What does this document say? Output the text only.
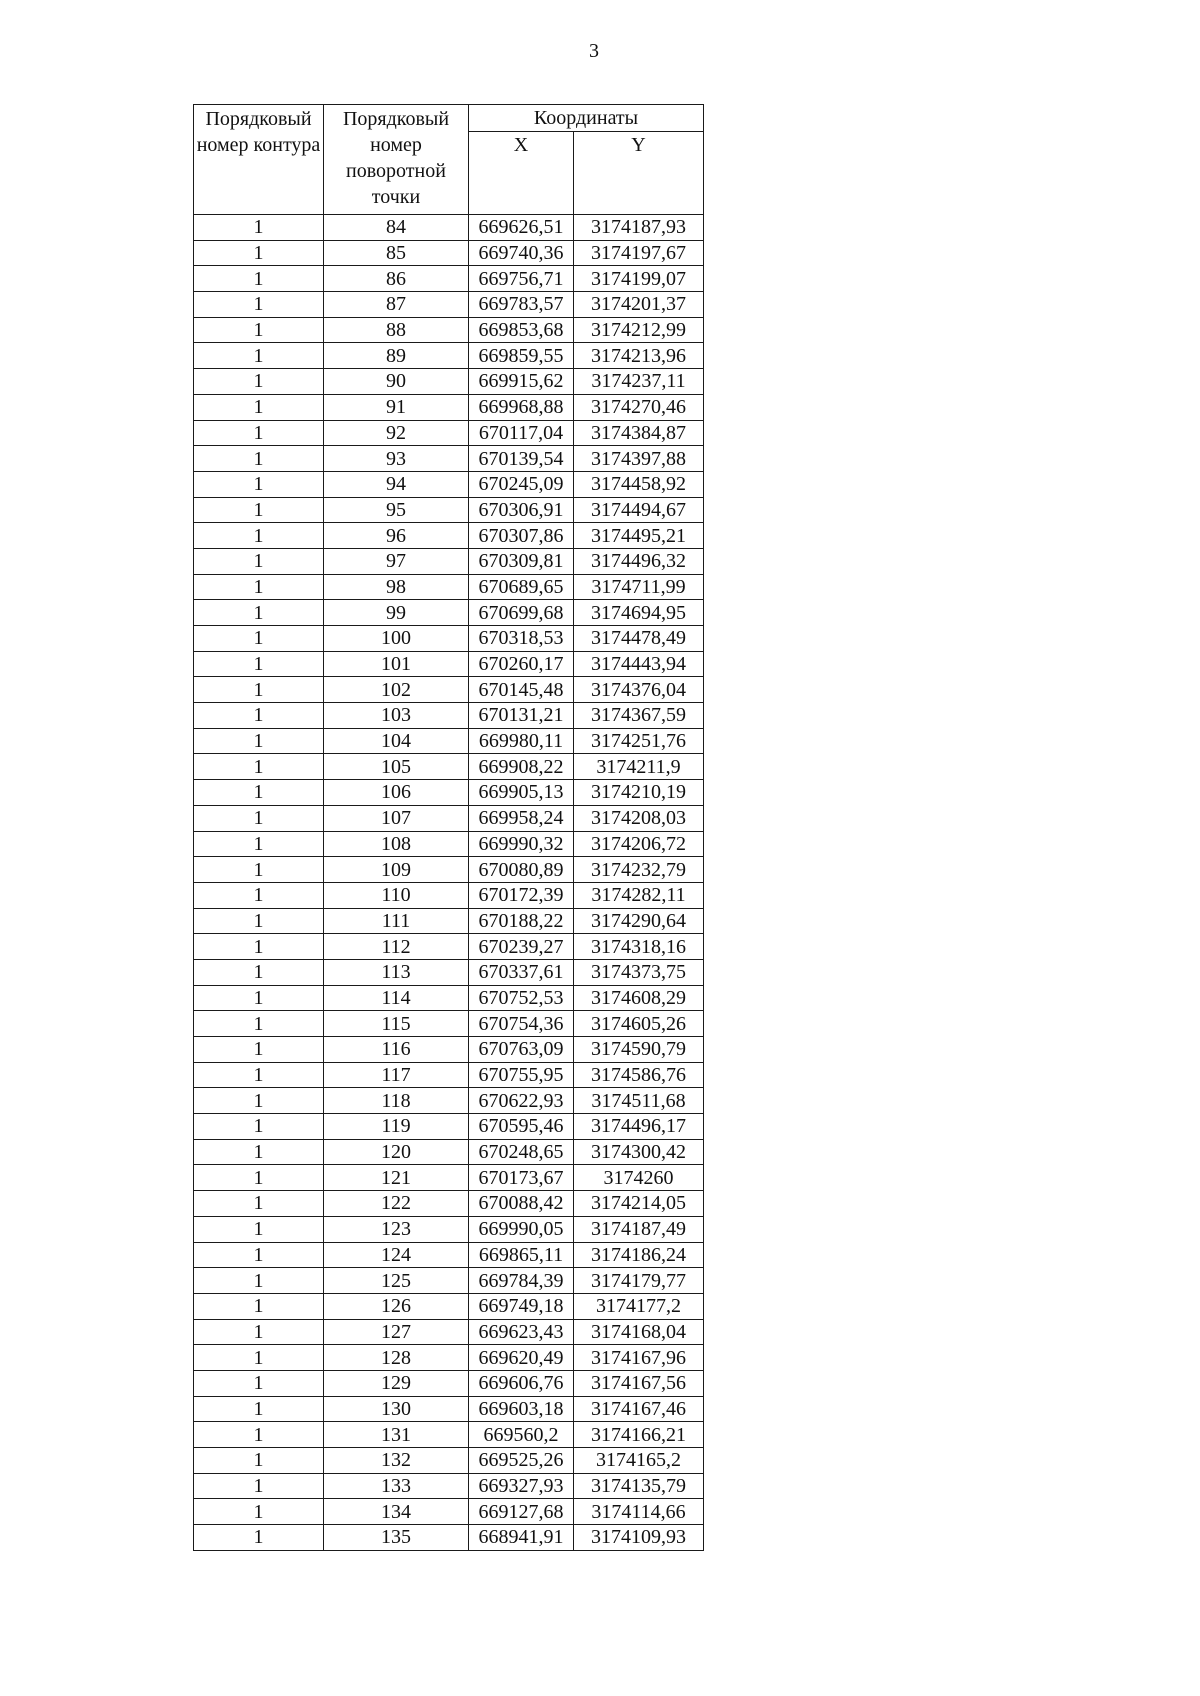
3
Порядковый номер контура	Порядковый номер поворотной точки	Координаты	
		X	Y
1	84	669626,51	3174187,93
1	85	669740,36	3174197,67
1	86	669756,71	3174199,07
1	87	669783,57	3174201,37
1	88	669853,68	3174212,99
1	89	669859,55	3174213,96
1	90	669915,62	3174237,11
1	91	669968,88	3174270,46
1	92	670117,04	3174384,87
1	93	670139,54	3174397,88
1	94	670245,09	3174458,92
1	95	670306,91	3174494,67
1	96	670307,86	3174495,21
1	97	670309,81	3174496,32
1	98	670689,65	3174711,99
1	99	670699,68	3174694,95
1	100	670318,53	3174478,49
1	101	670260,17	3174443,94
1	102	670145,48	3174376,04
1	103	670131,21	3174367,59
1	104	669980,11	3174251,76
1	105	669908,22	3174211,9
1	106	669905,13	3174210,19
1	107	669958,24	3174208,03
1	108	669990,32	3174206,72
1	109	670080,89	3174232,79
1	110	670172,39	3174282,11
1	111	670188,22	3174290,64
1	112	670239,27	3174318,16
1	113	670337,61	3174373,75
1	114	670752,53	3174608,29
1	115	670754,36	3174605,26
1	116	670763,09	3174590,79
1	117	670755,95	3174586,76
1	118	670622,93	3174511,68
1	119	670595,46	3174496,17
1	120	670248,65	3174300,42
1	121	670173,67	3174260
1	122	670088,42	3174214,05
1	123	669990,05	3174187,49
1	124	669865,11	3174186,24
1	125	669784,39	3174179,77
1	126	669749,18	3174177,2
1	127	669623,43	3174168,04
1	128	669620,49	3174167,96
1	129	669606,76	3174167,56
1	130	669603,18	3174167,46
1	131	669560,2	3174166,21
1	132	669525,26	3174165,2
1	133	669327,93	3174135,79
1	134	669127,68	3174114,66
1	135	668941,91	3174109,93
